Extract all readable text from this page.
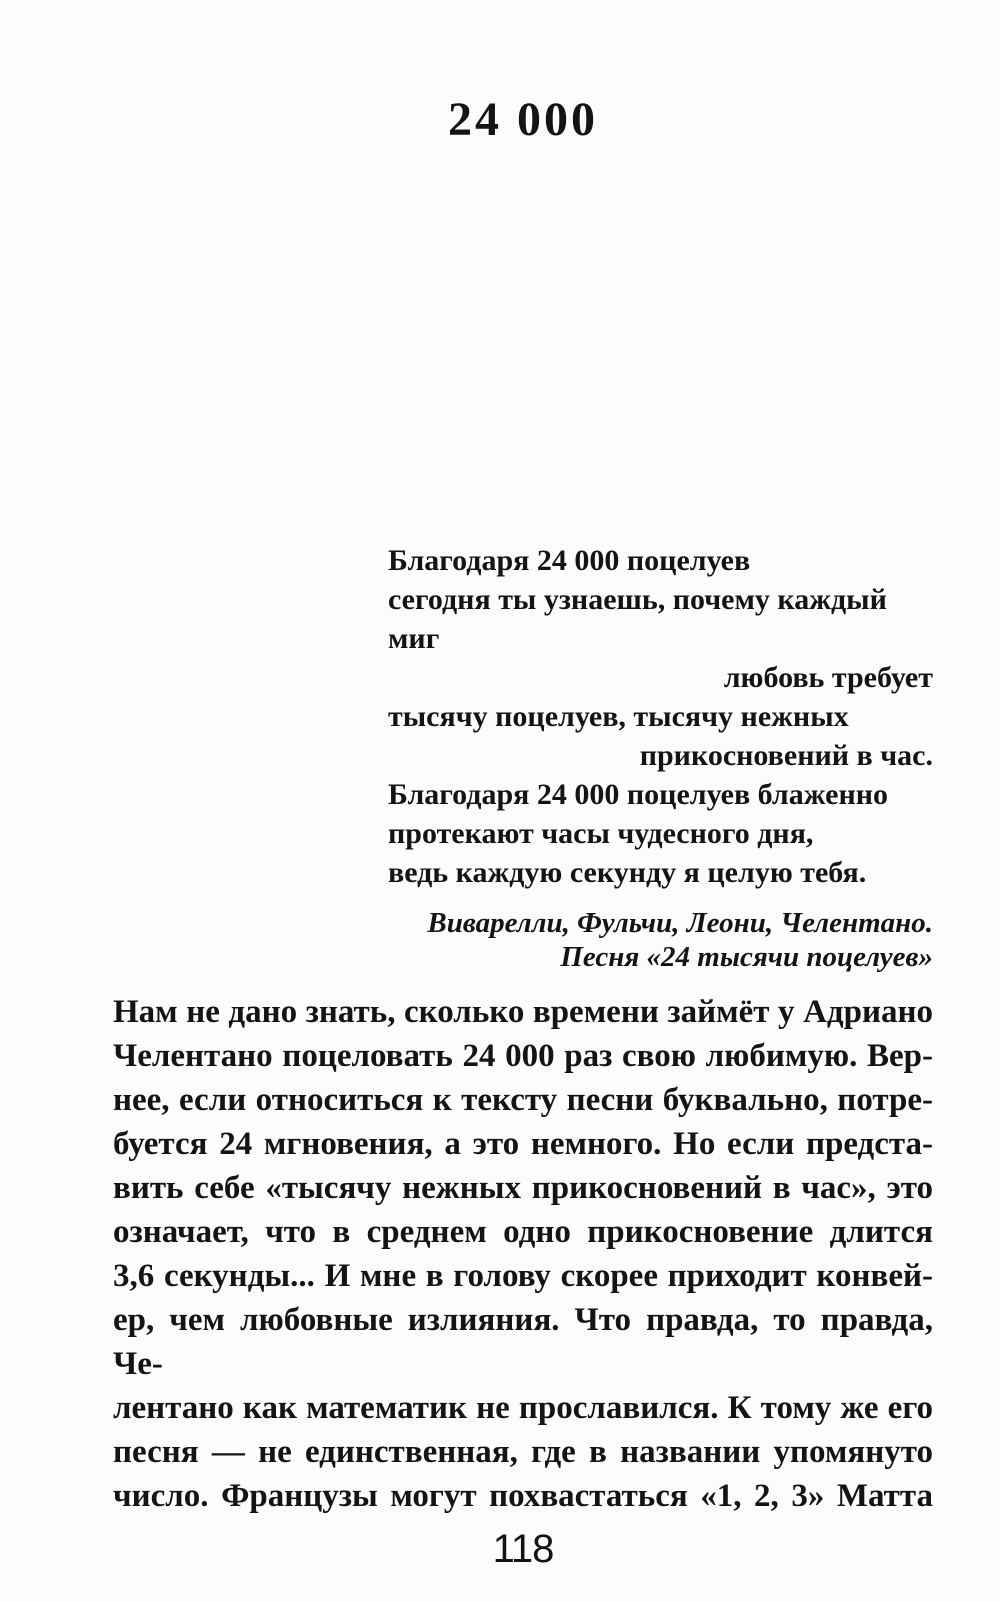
24 000
Благодаря 24 000 поцелуев
сегодня ты узнаешь, почему каждый миг
любовь требует
тысячу поцелуев, тысячу нежных
прикосновений в час.
Благодаря 24 000 поцелуев блаженно
протекают часы чудесного дня,
ведь каждую секунду я целую тебя.
Виварелли, Фульчи, Леони, Челентано.
Песня «24 тысячи поцелуев»
Нам не дано знать, сколько времени займёт у Адриано
Челентано поцеловать 24 000 раз свою любимую. Вер-
нее, если относиться к тексту песни буквально, потре-
буется 24 мгновения, а это немного. Но если предста-
вить себе «тысячу нежных прикосновений в час», это
означает, что в среднем одно прикосновение длится
3,6 секунды... И мне в голову скорее приходит конвей-
ер, чем любовные излияния. Что правда, то правда, Че-
лентано как математик не прославился. К тому же его
песня — не единственная, где в названии упомянуто
число. Французы могут похвастаться «1, 2, 3» Матта
118
